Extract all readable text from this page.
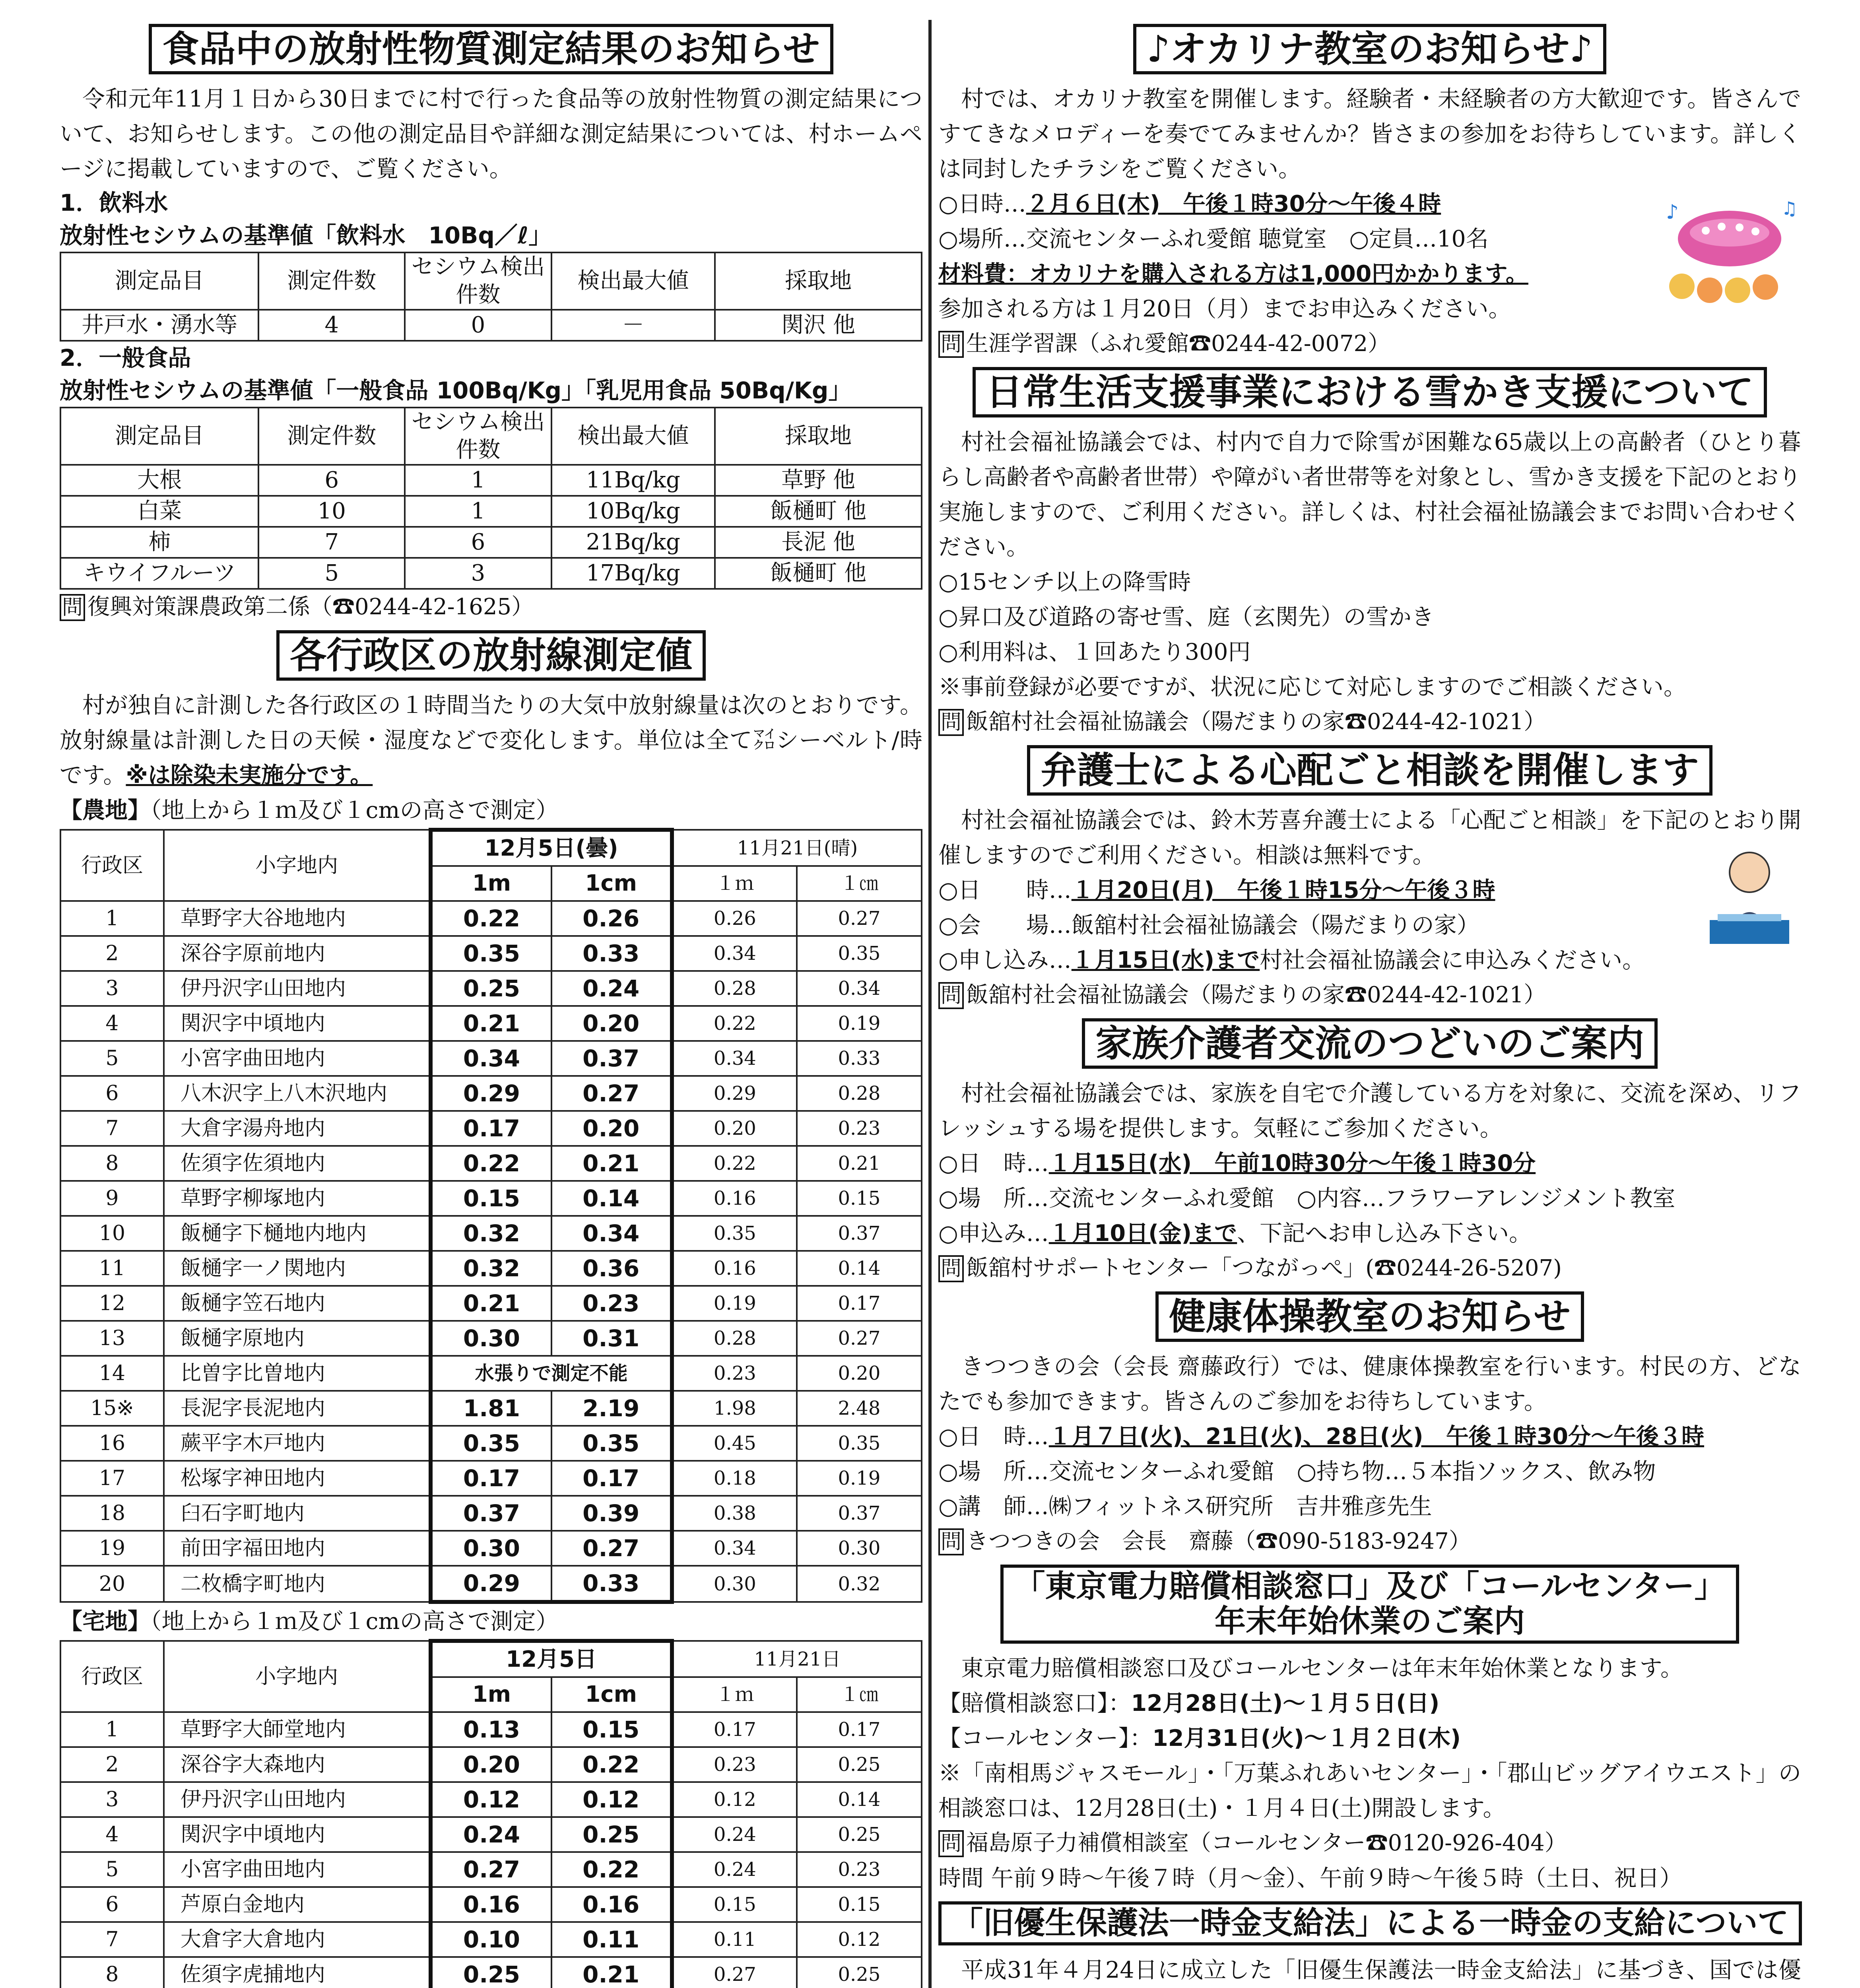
食品中の放射性物質測定結果のお知らせ

令和元年11月１日から30日までに村で行った食品等の放射性物質の測定結果について、お知らせします。この他の測定品目や詳細な測定結果については、村ホームページに掲載していますので、ご覧ください。

1．飲料水
放射性セシウムの基準値「飲料水　10Bq／ℓ」
測定品目	測定件数	セシウム検出件数	検出最大値	採取地
井戸水・湧水等	4	0	－	関沢 他
2．一般食品
放射性セシウムの基準値「一般食品 100Bq/Kg」「乳児用食品 50Bq/Kg」
測定品目	測定件数	セシウム検出件数	検出最大値	採取地
大根	6	1	11Bq/kg	草野 他
白菜	10	1	10Bq/kg	飯樋町 他
柿	7	6	21Bq/kg	長泥 他
キウイフルーツ	5	3	17Bq/kg	飯樋町 他
問 復興対策課農政第二係（☎0244-42-1625）
各行政区の放射線測定値

村が独自に計測した各行政区の１時間当たりの大気中放射線量は次のとおりです。放射線量は計測した日の天候・湿度などで変化します。単位は全て㍃シーベルト/時です。※は除染未実施分です。

【農地】（地上から１ｍ及び１cmの高さで測定）
行政区	小字地内	12月5日(曇)		11月21日(晴)	
		1m	1cm	１ｍ	１㎝
1	草野字大谷地地内	0.22	0.26	0.26	0.27
2	深谷字原前地内	0.35	0.33	0.34	0.35
3	伊丹沢字山田地内	0.25	0.24	0.28	0.34
4	関沢字中頃地内	0.21	0.20	0.22	0.19
5	小宮字曲田地内	0.34	0.37	0.34	0.33
6	八木沢字上八木沢地内	0.29	0.27	0.29	0.28
7	大倉字湯舟地内	0.17	0.20	0.20	0.23
8	佐須字佐須地内	0.22	0.21	0.22	0.21
9	草野字柳塚地内	0.15	0.14	0.16	0.15
10	飯樋字下樋地内地内	0.32	0.34	0.35	0.37
11	飯樋字一ノ関地内	0.32	0.36	0.16	0.14
12	飯樋字笠石地内	0.21	0.23	0.19	0.17
13	飯樋字原地内	0.30	0.31	0.28	0.27
14	比曽字比曽地内	水張りで測定不能		0.23	0.20
15※	長泥字長泥地内	1.81	2.19	1.98	2.48
16	蕨平字木戸地内	0.35	0.35	0.45	0.35
17	松塚字神田地内	0.17	0.17	0.18	0.19
18	臼石字町地内	0.37	0.39	0.38	0.37
19	前田字福田地内	0.30	0.27	0.34	0.30
20	二枚橋字町地内	0.29	0.33	0.30	0.32
【宅地】（地上から１ｍ及び１cmの高さで測定）
行政区	小字地内	12月5日		11月21日	
		1m	1cm	１ｍ	１㎝
1	草野字大師堂地内	0.13	0.15	0.17	0.17
2	深谷字大森地内	0.20	0.22	0.23	0.25
3	伊丹沢字山田地内	0.12	0.12	0.12	0.14
4	関沢字中頃地内	0.24	0.25	0.24	0.25
5	小宮字曲田地内	0.27	0.22	0.24	0.23
6	芦原白金地内	0.16	0.16	0.15	0.15
7	大倉字大倉地内	0.10	0.11	0.11	0.12
8	佐須字虎捕地内	0.25	0.21	0.27	0.25

♪オカリナ教室のお知らせ♪

村では、オカリナ教室を開催します。経験者・未経験者の方大歓迎です。皆さんですてきなメロディーを奏でてみませんか？皆さまの参加をお待ちしています。詳しくは同封したチラシをご覧ください。

○日時…２月６日(木)　午後１時30分～午後４時
○場所…交流センターふれ愛館 聴覚室　○定員…10名
材料費：オカリナを購入される方は1,000円かかります。
参加される方は１月20日（月）までお申込みください。
問 生涯学習課（ふれ愛館☎0244-42-0072）
♪	♫
日常生活支援事業における雪かき支援について

村社会福祉協議会では、村内で自力で除雪が困難な65歳以上の高齢者（ひとり暮らし高齢者や高齢者世帯）や障がい者世帯等を対象とし、雪かき支援を下記のとおり実施しますので、ご利用ください。詳しくは、村社会福祉協議会までお問い合わせください。

○15センチ以上の降雪時
○昇口及び道路の寄せ雪、庭（玄関先）の雪かき
○利用料は、１回あたり300円
※事前登録が必要ですが、状況に応じて対応しますのでご相談ください。
問 飯舘村社会福祉協議会（陽だまりの家☎0244-42-1021）
弁護士による心配ごと相談を開催します

村社会福祉協議会では、鈴木芳喜弁護士による「心配ごと相談」を下記のとおり開催しますのでご利用ください。相談は無料です。

○日　　時…１月20日(月)　午後１時15分～午後３時
○会　　場…飯舘村社会福祉協議会（陽だまりの家）
○申し込み…１月15日(水)まで村社会福祉協議会に申込みください。
問 飯舘村社会福祉協議会（陽だまりの家☎0244-42-1021）
家族介護者交流のつどいのご案内

村社会福祉協議会では、家族を自宅で介護している方を対象に、交流を深め、リフレッシュする場を提供します。気軽にご参加ください。

○日　時…１月15日(水)　午前10時30分～午後１時30分
○場　所…交流センターふれ愛館　○内容…フラワーアレンジメント教室
○申込み…１月10日(金)まで、下記へお申し込み下さい。
問 飯舘村サポートセンター「つながっぺ」(☎0244-26-5207)
健康体操教室のお知らせ

きつつきの会（会長 齋藤政行）では、健康体操教室を行います。村民の方、どなたでも参加できます。皆さんのご参加をお待ちしています。

○日　時…１月７日(火)、21日(火)、28日(火)　午後１時30分～午後３時
○場　所…交流センターふれ愛館　○持ち物…５本指ソックス、飲み物
○講　師…㈱フィットネス研究所　吉井雅彦先生
問 きつつきの会　会長　齋藤（☎090-5183-9247）
「東京電力賠償相談窓口」及び「コールセンター」
年末年始休業のご案内

東京電力賠償相談窓口及びコールセンターは年末年始休業となります。

【賠償相談窓口】：12月28日(土)～１月５日(日)
【コールセンター】：12月31日(火)～１月２日(木)

※「南相馬ジャスモール」・「万葉ふれあいセンター」・「郡山ビッグアイウエスト」の相談窓口は、12月28日(土)・１月４日(土)開設します。

問 福島原子力補償相談室（コールセンター☎0120-926-404）
時間 午前９時～午後７時（月～金）、午前９時～午後５時（土日、祝日）
「旧優生保護法一時金支給法」による一時金の支給について

平成31年４月24日に成立した「旧優生保護法一時金支給法」に基づき、国では優
